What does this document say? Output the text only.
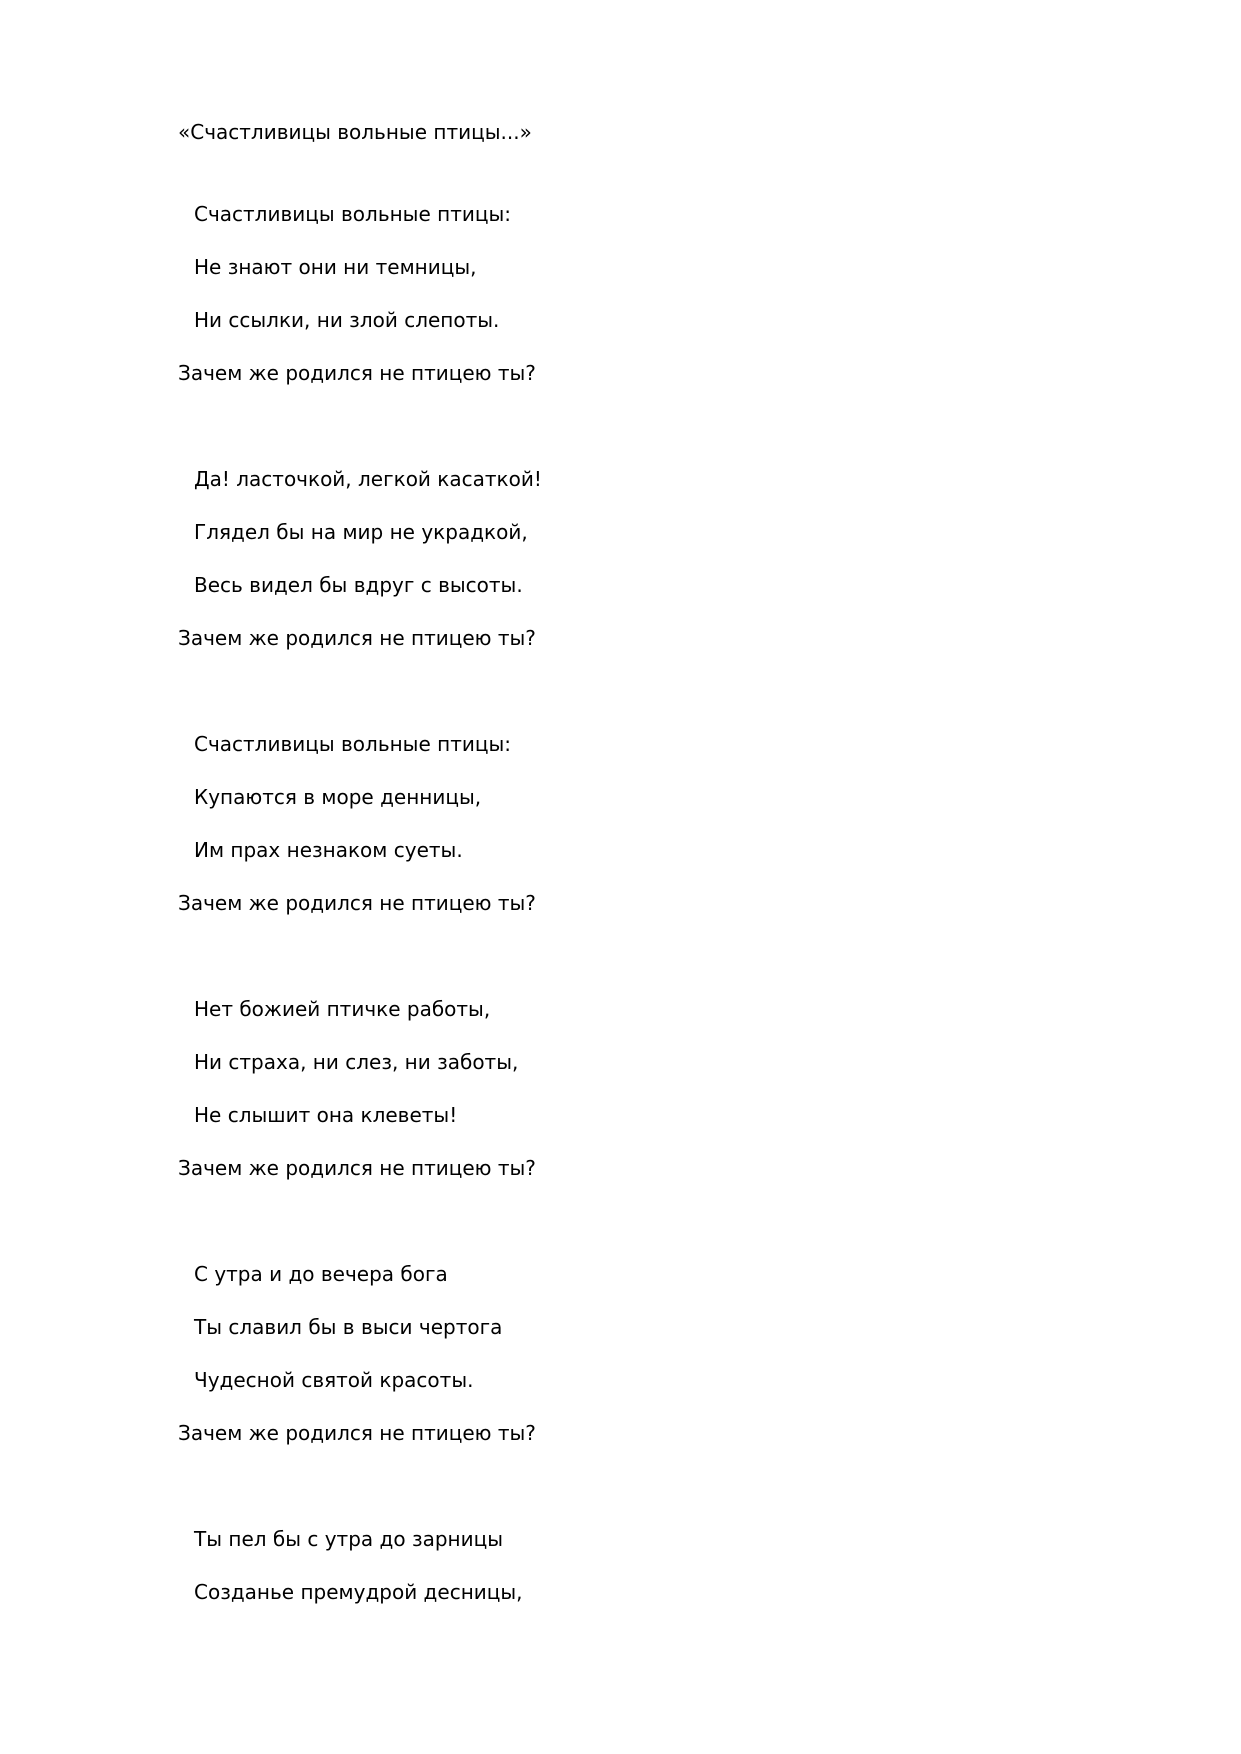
«Счастливицы вольные птицы...»
Счастливицы вольные птицы:
Не знают они ни темницы,
Ни ссылки, ни злой слепоты.
Зачем же родился не птицею ты?
Да! ласточкой, легкой касаткой!
Глядел бы на мир не украдкой,
Весь видел бы вдруг с высоты.
Зачем же родился не птицею ты?
Счастливицы вольные птицы:
Купаются в море денницы,
Им прах незнаком суеты.
Зачем же родился не птицею ты?
Нет божией птичке работы,
Ни страха, ни слез, ни заботы,
Не слышит она клеветы!
Зачем же родился не птицею ты?
С утра и до вечера бога
Ты славил бы в выси чертога
Чудесной святой красоты.
Зачем же родился не птицею ты?
Ты пел бы с утра до зарницы
Созданье премудрой десницы,
